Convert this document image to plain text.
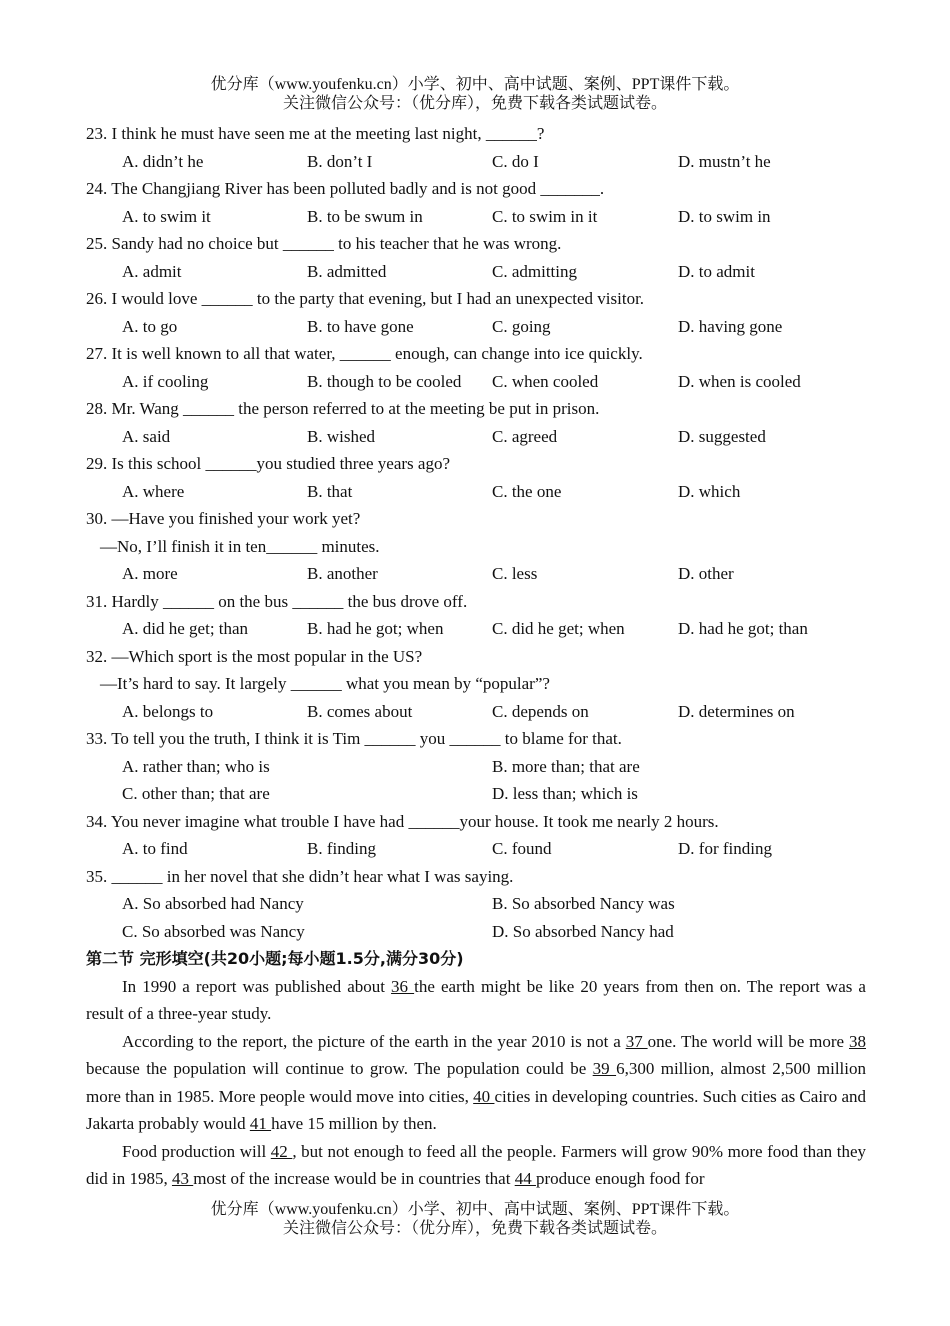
优分库（www.youfenku.cn）小学、初中、高中试题、案例、PPT课件下载。
关注微信公众号：（优分库），免费下载各类试题试卷。
23. I think he must have seen me at the meeting last night, ______?
A. didn’t he	B. don’t I	C. do I	D. mustn’t he
24. The Changjiang River has been polluted badly and is not good _______.
A. to swim it	B. to be swum in	C. to swim in it	D. to swim in
25. Sandy had no choice but ______ to his teacher that he was wrong.
A. admit	B. admitted	C. admitting	D. to admit
26. I would love ______ to the party that evening, but I had an unexpected visitor.
A. to go	B. to have gone	C. going	D. having gone
27. It is well known to all that water, ______ enough, can change into ice quickly.
A. if cooling	B. though to be cooled C. when cooled	D. when is cooled
28. Mr. Wang ______ the person referred to at the meeting be put in prison.
A. said	B. wished	C. agreed	D. suggested
29. Is this school ______you studied three years ago?
A. where	B. that	C. the one	D. which
30. —Have you finished your work yet?
—No, I’ll finish it in ten______ minutes.
A. more	B. another	C. less	D. other
31. Hardly ______ on the bus ______ the bus drove off.
A. did he get; than	B. had he got; when	C. did he get; when	D. had he got; than
32. —Which sport is the most popular in the US?
—It’s hard to say. It largely ______ what you mean by “popular”?
A. belongs to	B. comes about	C. depends on	D. determines on
33. To tell you the truth, I think it is Tim ______ you ______ to blame for that.
A. rather than; who is	B. more than; that are
C. other than; that are	D. less than; which is
34. You never imagine what trouble I have had ______your house. It took me nearly 2 hours.
A. to find	B. finding	C. found	D. for finding
35. ______ in her novel that she didn’t hear what I was saying.
A. So absorbed had Nancy	B. So absorbed Nancy was
C. So absorbed was Nancy	D. So absorbed Nancy had
第二节 完形填空(共20小题;每小题1.5分,满分30分)

In 1990 a report was published about 36 the earth might be like 20 years from then on. The report was a result of a three-year study.

According to the report, the picture of the earth in the year 2010 is not a 37 one. The world will be more 38 because the population will continue to grow. The population could be 39 6,300 million, almost 2,500 million more than in 1985. More people would move into cities, 40 cities in developing countries. Such cities as Cairo and Jakarta probably would 41 have 15 million by then.

Food production will 42 , but not enough to feed all the people. Farmers will grow 90% more food than they did in 1985, 43 most of the increase would be in countries that 44 produce enough food for

优分库（www.youfenku.cn）小学、初中、高中试题、案例、PPT课件下载。
关注微信公众号：（优分库），免费下载各类试题试卷。
